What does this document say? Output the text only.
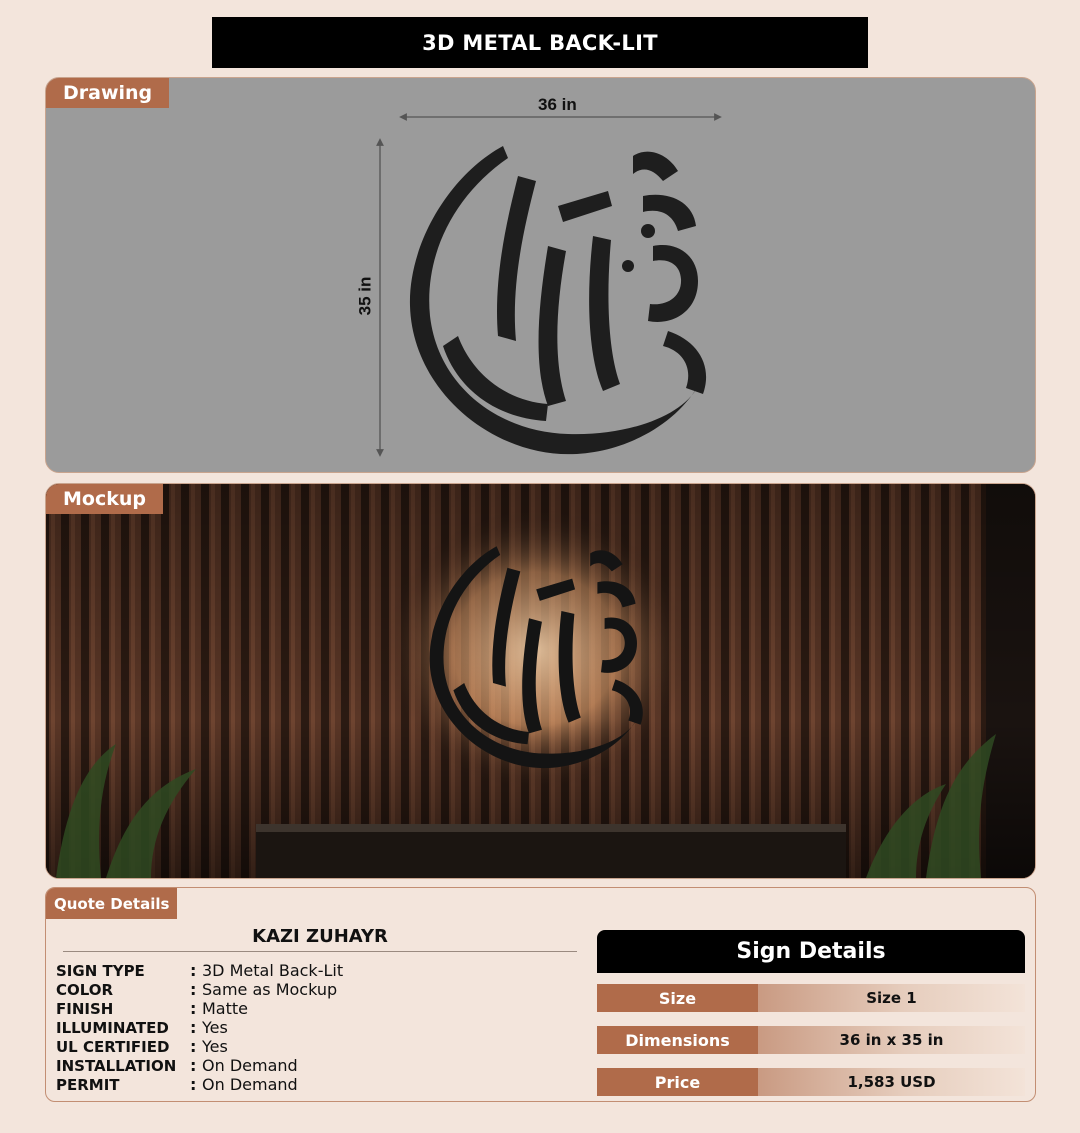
3D METAL BACK-LIT
Drawing
36 in
35 in
Mockup
Quote Details
KAZI ZUHAYR
SIGN TYPE	: 3D Metal Back-Lit
COLOR	: Same as Mockup
FINISH	: Matte
ILLUMINATED	: Yes
UL CERTIFIED	: Yes
INSTALLATION : On Demand
PERMIT	: On Demand
Sign Details
Size	Size 1
Dimensions	36 in x 35 in
Price	1,583 USD
